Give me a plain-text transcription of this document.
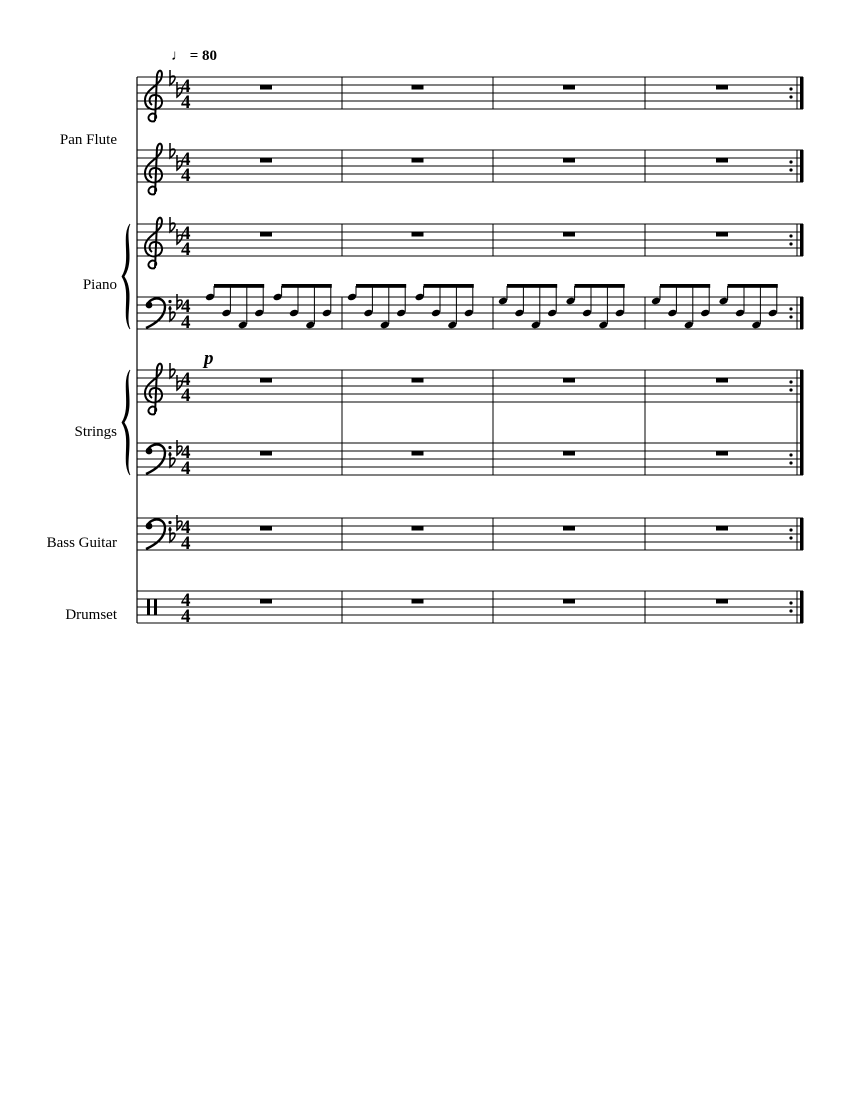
Pan Flute
Piano
Strings
Bass Guitar
Drumset
4
4
4
4
4
4
4
4
4
4
4
4
4
4
4
4
♩ = 80
p
